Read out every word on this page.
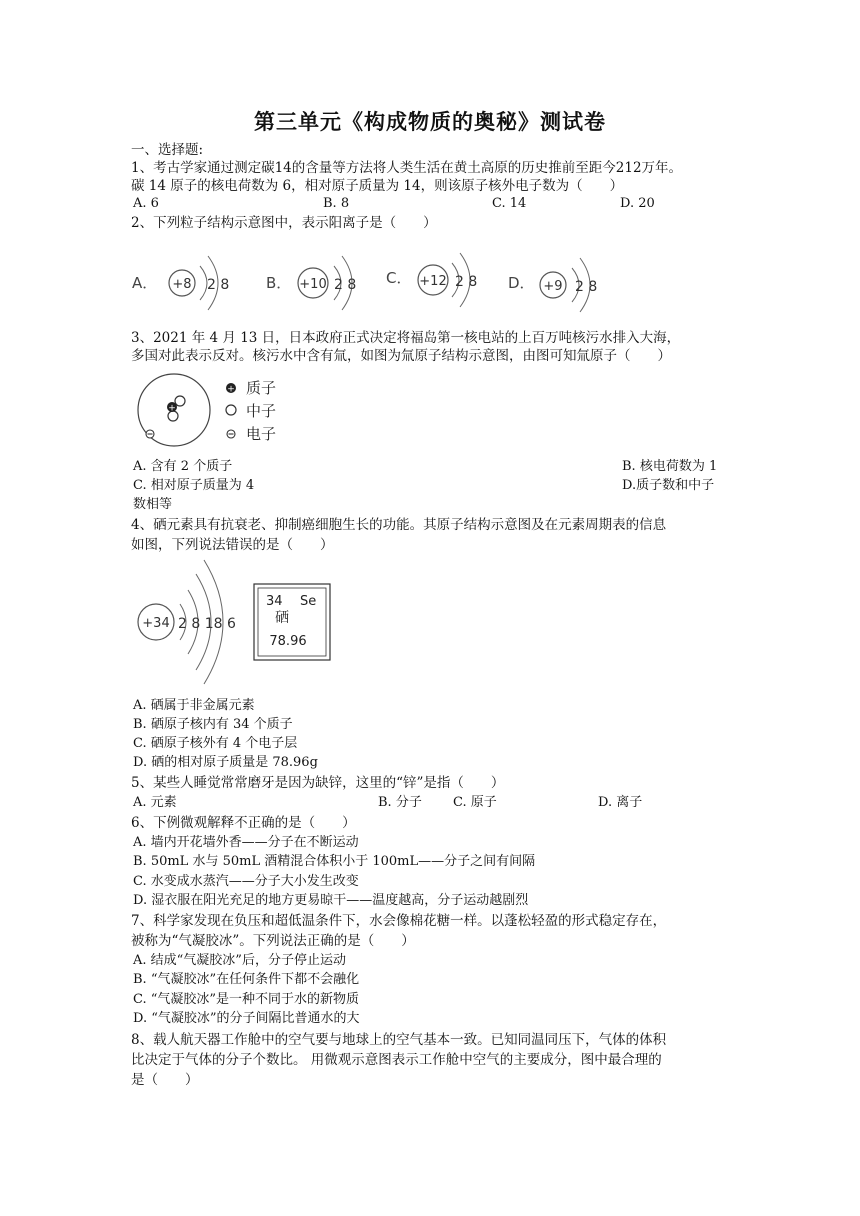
第三单元《构成物质的奥秘》测试卷
一、选择题:
1、考古学家通过测定碳14的含量等方法将人类生活在黄土高原的历史推前至距今212万年。
碳 14 原子的核电荷数为 6，相对原子质量为 14，则该原子核外电子数为（　　）
A. 6	B. 8	C. 14	D. 20
2、下列粒子结构示意图中，表示阳离子是（　　）
A． +8 2 8 B． +10 2 8 C． +12 2 8 D． +9 2 8
3、2021 年 4 月 13 日，日本政府正式决定将福岛第一核电站的上百万吨核污水排入大海，
多国对此表示反对。核污水中含有氚，如图为氚原子结构示意图，由图可知氚原子（　　）
+
+ 质子
中子
电子
A. 含有 2 个质子	B. 核电荷数为 1
C. 相对原子质量为 4	D.质子数和中子
数相等
4、硒元素具有抗衰老、抑制癌细胞生长的功能。其原子结构示意图及在元素周期表的信息
如图，下列说法错误的是（　　）
+34 2 8 18 6
34 Se
硒
78.96
A. 硒属于非金属元素
B. 硒原子核内有 34 个质子
C. 硒原子核外有 4 个电子层
D. 硒的相对原子质量是 78.96g
5、某些人睡觉常常磨牙是因为缺锌，这里的“锌”是指（　　）
A. 元素	B. 分子 C. 原子	D. 离子
6、下例微观解释不正确的是（　　）
A. 墙内开花墙外香——分子在不断运动
B. 50mL 水与 50mL 酒精混合体积小于 100mL——分子之间有间隔
C. 水变成水蒸汽——分子大小发生改变
D. 湿衣服在阳光充足的地方更易晾干——温度越高，分子运动越剧烈
7、科学家发现在负压和超低温条件下，水会像棉花糖一样。以蓬松轻盈的形式稳定存在，
被称为“气凝胶冰”。下列说法正确的是（　　）
A. 结成“气凝胶冰”后，分子停止运动
B. “气凝胶冰”在任何条件下都不会融化
C. “气凝胶冰”是一种不同于水的新物质
D. “气凝胶冰”的分子间隔比普通水的大
8、载人航天器工作舱中的空气要与地球上的空气基本一致。已知同温同压下，气体的体积
比决定于气体的分子个数比。 用微观示意图表示工作舱中空气的主要成分，图中最合理的
是（　　）
